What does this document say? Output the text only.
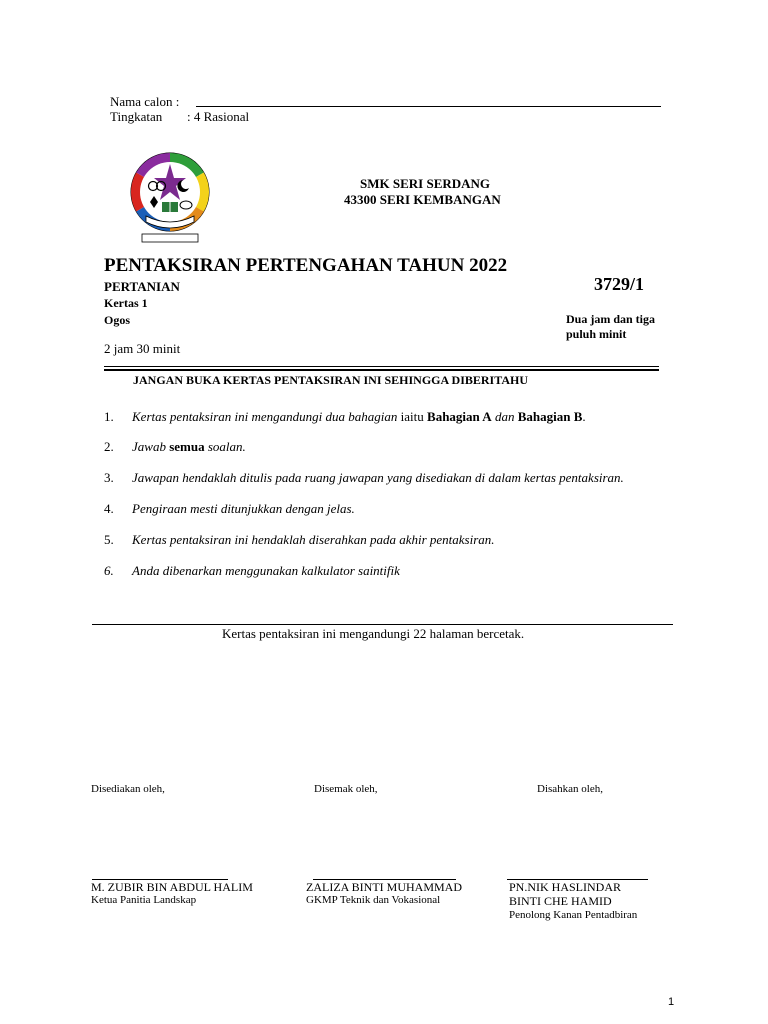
Nama calon :
Tingkatan : 4 Rasional
SMK SERI SERDANG
43300 SERI KEMBANGAN
PENTAKSIRAN PERTENGAHAN TAHUN 2022
3729/1
PERTANIAN
Kertas 1
Ogos	Dua jam dan tiga
puluh minit
2 jam 30 minit
JANGAN BUKA KERTAS PENTAKSIRAN INI SEHINGGA DIBERITAHU
1. Kertas pentaksiran ini mengandungi dua bahagian iaitu Bahagian A dan Bahagian B.
2. Jawab semua soalan.
3. Jawapan hendaklah ditulis pada ruang jawapan yang disediakan di dalam kertas pentaksiran.
4. Pengiraan mesti ditunjukkan dengan jelas.
5. Kertas pentaksiran ini hendaklah diserahkan pada akhir pentaksiran.
6. Anda dibenarkan menggunakan kalkulator saintifik
Kertas pentaksiran ini mengandungi 22 halaman bercetak.
Disediakan oleh,	Disemak oleh,	Disahkan oleh,
M. ZUBIR BIN ABDUL HALIM
Ketua Panitia Landskap
ZALIZA BINTI MUHAMMAD
GKMP Teknik dan Vokasional
PN.NIK HASLINDAR
BINTI CHE HAMID
Penolong Kanan Pentadbiran
1
